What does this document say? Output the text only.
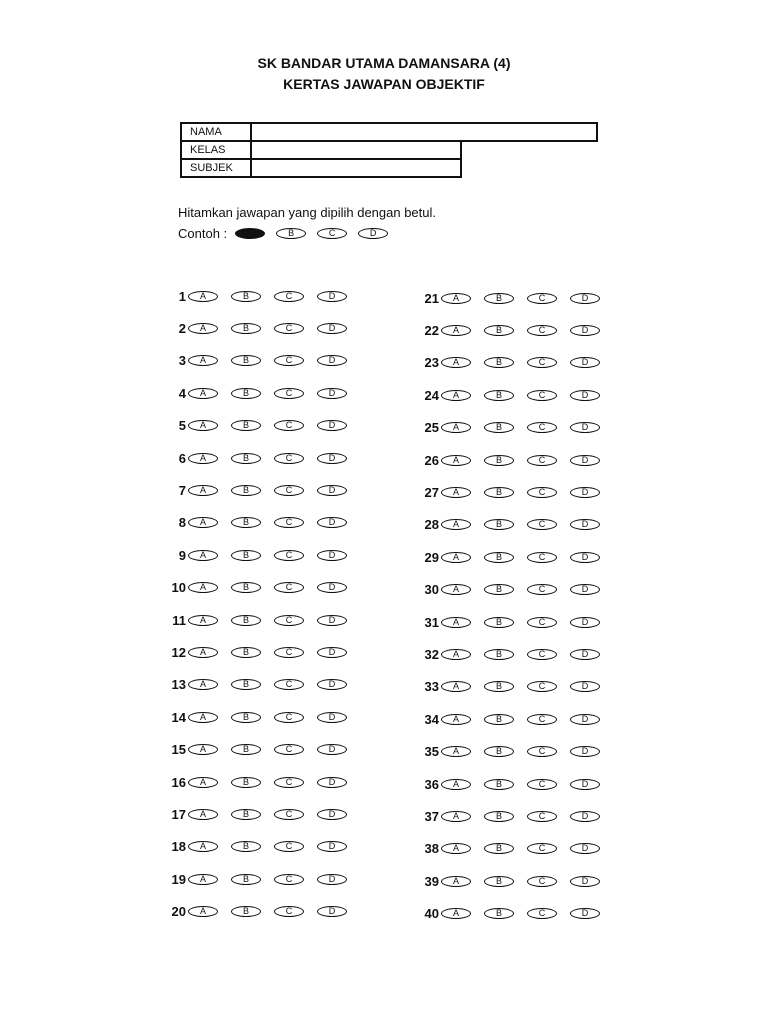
SK BANDAR UTAMA DAMANSARA (4)
KERTAS JAWAPAN OBJEKTIF
NAMA		
KELAS		
SUBJEK		
Hitamkan jawapan yang dipilih dengan betul.
Contoh :	A	B	C	D
1	A	B	C	D
2	A	B	C	D
3	A	B	C	D
4	A	B	C	D
5	A	B	C	D
6	A	B	C	D
7	A	B	C	D
8	A	B	C	D
9	A	B	C	D
10	A	B	C	D
11	A	B	C	D
12	A	B	C	D
13	A	B	C	D
14	A	B	C	D
15	A	B	C	D
16	A	B	C	D
17	A	B	C	D
18	A	B	C	D
19	A	B	C	D
20	A	B	C	D
21	A	B	C	D
22	A	B	C	D
23	A	B	C	D
24	A	B	C	D
25	A	B	C	D
26	A	B	C	D
27	A	B	C	D
28	A	B	C	D
29	A	B	C	D
30	A	B	C	D
31	A	B	C	D
32	A	B	C	D
33	A	B	C	D
34	A	B	C	D
35	A	B	C	D
36	A	B	C	D
37	A	B	C	D
38	A	B	C	D
39	A	B	C	D
40	A	B	C	D
